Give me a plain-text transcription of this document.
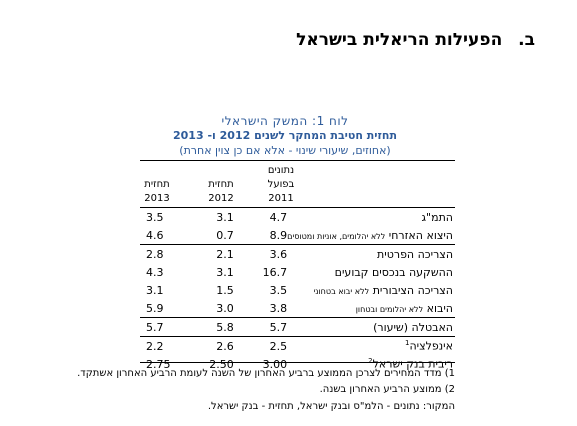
ב. הפעילות הריאלית בישראל
לוח 1: המשק הישראלי
תחזית חטיבת המחקר לשנים 2012 ו- 2013
(אחוזים, שיעורי שינוי - אלא אם כן צוין אחרת)
תחזית
2013
תחזית
2012
נתונים
בפועל
2011
3.5	3.1	4.7	התמ"ג
4.6	0.7	8.9	היצוא האזרחי ללא יהלומים, אוניות ומטוסים
2.8	2.1	3.6	הצריכה הפרטית
4.3	3.1	16.7	ההשקעה בנכסים קבועים
3.1	1.5	3.5	הצריכה הציבורית ללא יבוא בטחוני
5.9	3.0	3.8	היבוא ללא יהלומים ובטחון
5.7	5.8	5.7	האבטלה (שיעור)
2.2	2.6	2.5	אינפלציה$^1$
2.75	2.50	3.00	ריבית בנק ישראל$^2$
1) מדד המחירים לצרכן הממוצע ברביע האחרון של השנה לעומת הרביע האחרון אשתקד.
2) ממוצע הרביע האחרון בשנה.
המקור: נתונים - הלמ"ס ובנק ישראל, תחזית - בנק ישראל.
